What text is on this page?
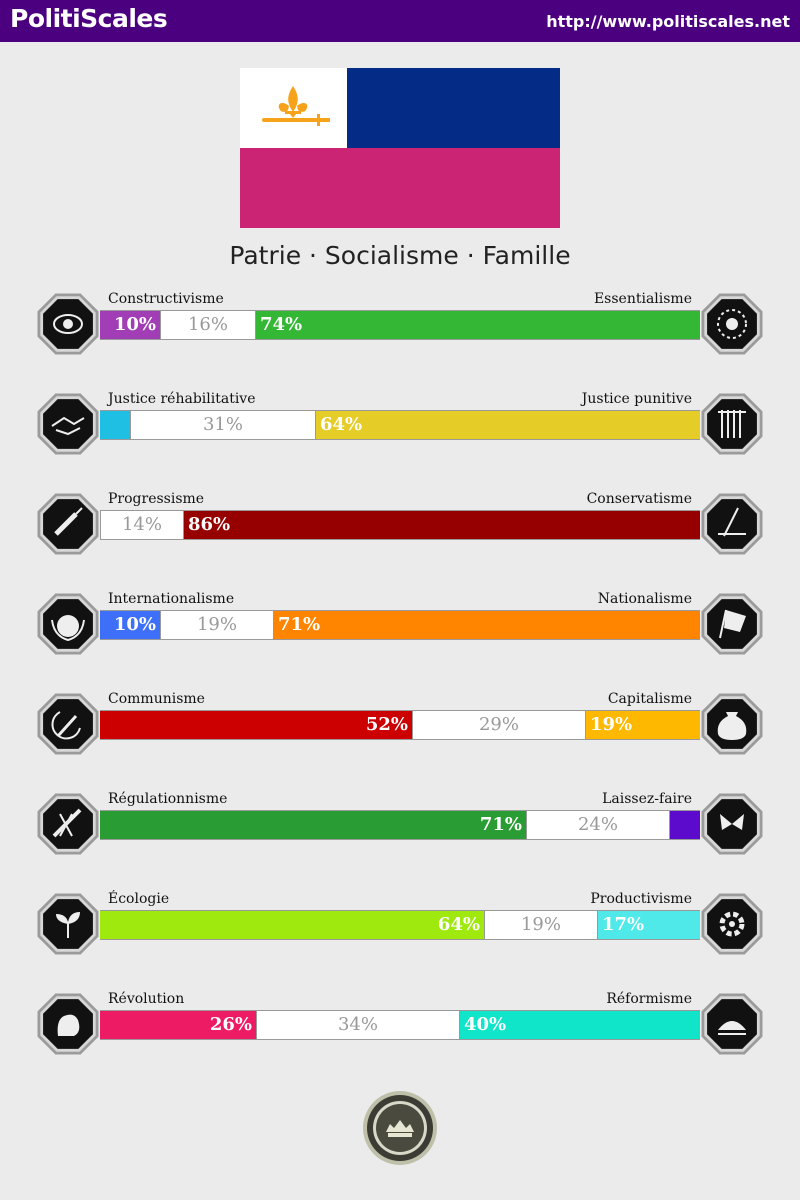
PolitiScales	http://www.politiscales.net
Patrie · Socialisme · Famille
Constructivisme	Essentialisme
10%	16%	74%
Justice réhabilitative	Justice punitive
31%	64%
Progressisme	Conservatisme
14%	86%
Internationalisme	Nationalisme
10%	19%	71%
Communisme	Capitalisme
52%	29%	19%
Régulationnisme	Laissez-faire
71%	24%
Écologie	Productivisme
64%	19%	17%
Révolution	Réformisme
26%	34%	40%
